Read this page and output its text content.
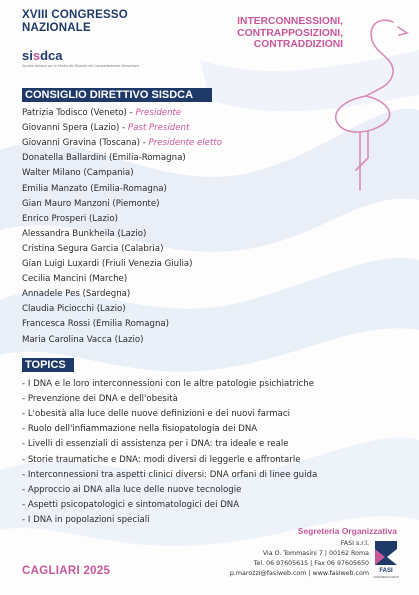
XVIII CONGRESSO
NAZIONALE
sisdca
Società Italiana per lo Studio dei Disturbi del Comportamento Alimentare
INTERCONNESSIONI,
CONTRAPPOSIZIONI,
CONTRADDIZIONI
CONSIGLIO DIRETTIVO SISDCA
Patrizia Todisco (Veneto) - Presidente
Giovanni Spera (Lazio) - Past President
Giovanni Gravina (Toscana) - Presidente eletto
Donatella Ballardini (Emilia-Romagna)
Walter Milano (Campania)
Emilia Manzato (Emilia-Romagna)
Gian Mauro Manzoni (Piemonte)
Enrico Prosperi (Lazio)
Alessandra Bunkheila (Lazio)
Cristina Segura Garcia (Calabria)
Gian Luigi Luxardi (Friuli Venezia Giulia)
Cecilia Mancini (Marche)
Annadele Pes (Sardegna)
Claudia Piciocchi (Lazio)
Francesca Rossi (Emilia Romagna)
Maria Carolina Vacca (Lazio)
TOPICS
- I DNA e le loro interconnessioni con le altre patologie psichiatriche
- Prevenzione dei DNA e dell'obesità
- L'obesità alla luce delle nuove definizioni e dei nuovi farmaci
- Ruolo dell'infiammazione nella fisiopatologia dei DNA
- Livelli di essenziali di assistenza per i DNA: tra ideale e reale
- Storie traumatiche e DNA: modi diversi di leggerle e affrontarle
- Interconnessioni tra aspetti clinici diversi: DNA orfani di linee guida
- Approccio ai DNA alla luce delle nuove tecnologie
- Aspetti psicopatologici e sintomatologici dei DNA
- I DNA in popolazioni speciali
Segreteria Organizzativa
FASI s.r.l.
Via O. Tommasini 7 | 00162 Roma
Tel. 06 97605615 | Fax 06 97605650
p.marozzi@fasiweb.com | www.fasiweb.com FASI
CONGRESSI EVENTI
CAGLIARI 2025
